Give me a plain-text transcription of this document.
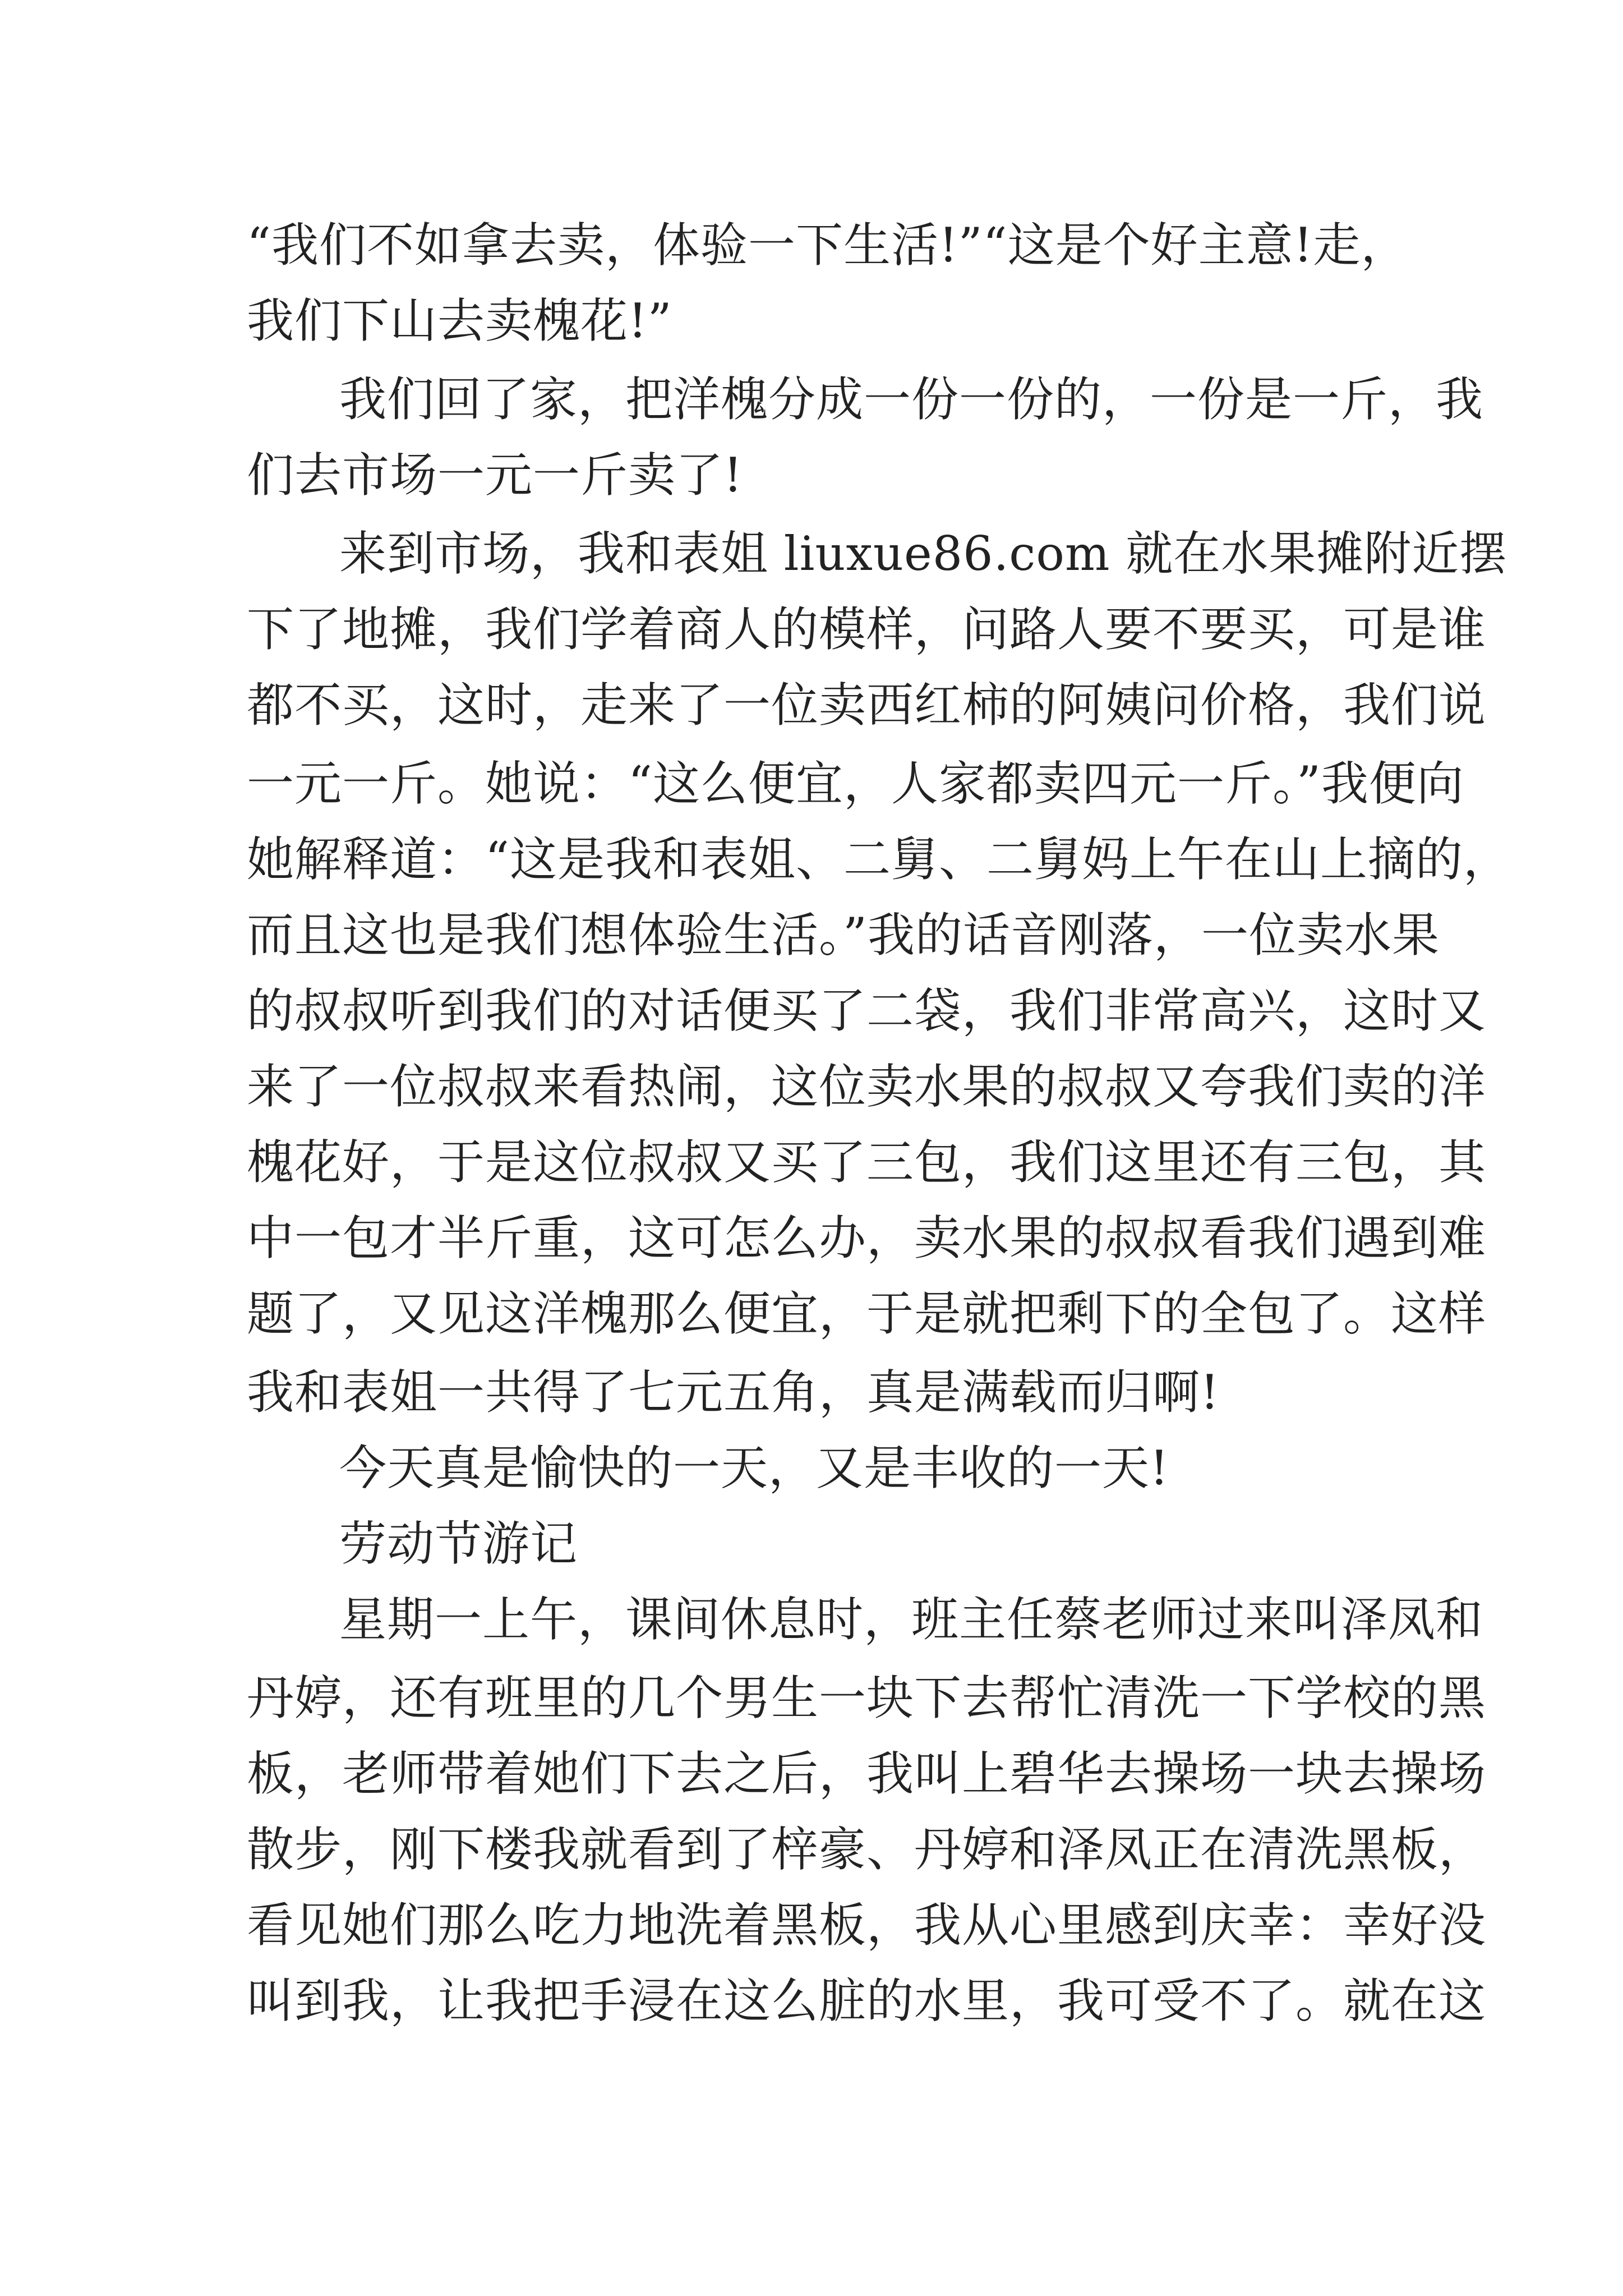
“我们不如拿去卖，体验一下生活!”“这是个好主意!走，
我们下山去卖槐花!”
我们回了家，把洋槐分成一份一份的，一份是一斤，我
们去市场一元一斤卖了!
来到市场，我和表姐 liuxue86.com 就在水果摊附近摆
下了地摊，我们学着商人的模样，问路人要不要买，可是谁
都不买，这时，走来了一位卖西红柿的阿姨问价格，我们说
一元一斤。她说：“这么便宜，人家都卖四元一斤。”我便向
她解释道：“这是我和表姐、二舅、二舅妈上午在山上摘的，
而且这也是我们想体验生活。”我的话音刚落，一位卖水果
的叔叔听到我们的对话便买了二袋，我们非常高兴，这时又
来了一位叔叔来看热闹，这位卖水果的叔叔又夸我们卖的洋
槐花好，于是这位叔叔又买了三包，我们这里还有三包，其
中一包才半斤重，这可怎么办，卖水果的叔叔看我们遇到难
题了，又见这洋槐那么便宜，于是就把剩下的全包了。这样
我和表姐一共得了七元五角，真是满载而归啊!
今天真是愉快的一天，又是丰收的一天!
劳动节游记
星期一上午，课间休息时，班主任蔡老师过来叫泽凤和
丹婷，还有班里的几个男生一块下去帮忙清洗一下学校的黑
板，老师带着她们下去之后，我叫上碧华去操场一块去操场
散步，刚下楼我就看到了梓豪、丹婷和泽凤正在清洗黑板，
看见她们那么吃力地洗着黑板，我从心里感到庆幸：幸好没
叫到我，让我把手浸在这么脏的水里，我可受不了。就在这
